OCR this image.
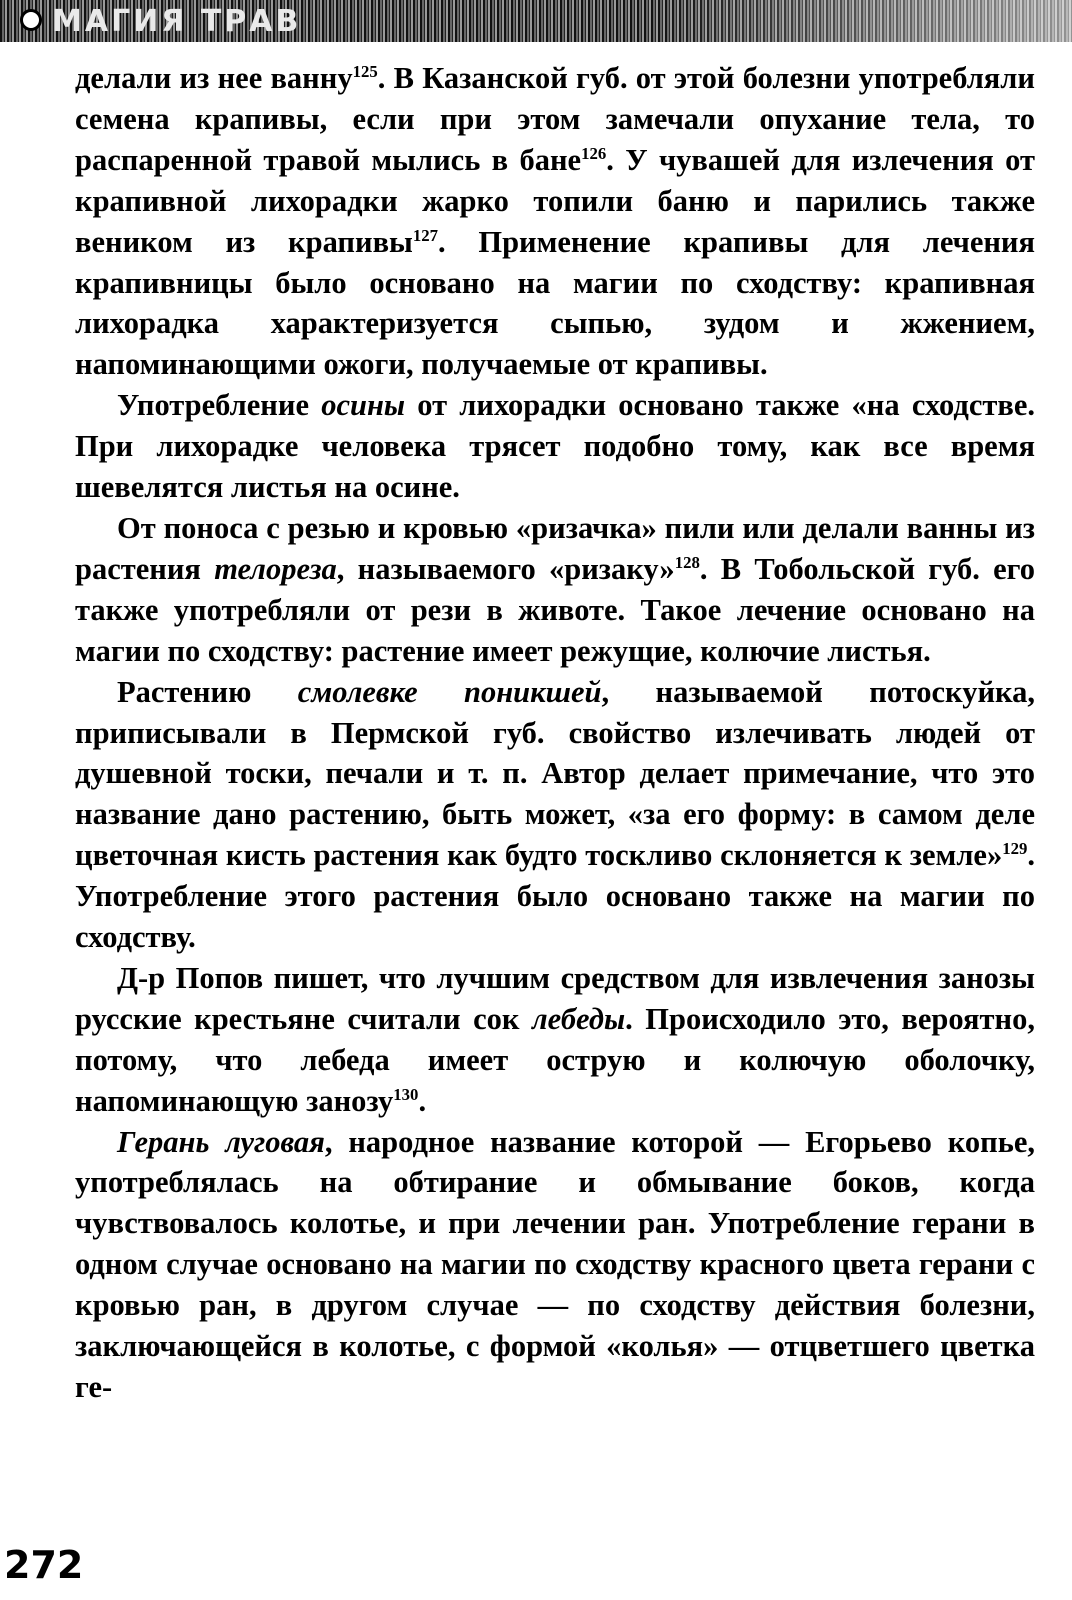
МАГИЯ ТРАВ

делали из нее ванну$^{125}$. В Казанской губ. от этой болезни употребляли семена крапивы, если при этом замечали опухание тела, то распаренной травой мылись в бане$^{126}$. У чувашей для излечения от крапивной лихорадки жарко топили баню и парились также веником из крапивы$^{127}$. Применение крапивы для лечения крапивницы было основано на магии по сходству: крапивная лихорадка характеризуется сыпью, зудом и жжением, напоминающими ожоги, получаемые от крапивы.

Употребление осины от лихорадки основано также «на сходстве. При лихорадке человека трясет подобно тому, как все время шевелятся листья на осине.

От поноса с резью и кровью «ризачка» пили или делали ванны из растения телореза, называемого «ризаку»$^{128}$. В Тобольской губ. его также употребляли от рези в животе. Такое лечение основано на магии по сходству: растение имеет режущие, колючие листья.

Растению смолевке поникшей, называемой потоскуйка, приписывали в Пермской губ. свойство излечивать людей от душевной тоски, печали и т. п. Автор делает примечание, что это название дано растению, быть может, «за его форму: в самом деле цветочная кисть растения как будто тоскливо склоняется к земле»$^{129}$. Употребление этого растения было основано также на магии по сходству.

Д-р Попов пишет, что лучшим средством для извлечения занозы русские крестьяне считали сок лебеды. Происходило это, вероятно, потому, что лебеда имеет острую и колючую оболочку, напоминающую занозу$^{130}$.

Герань луговая, народное название которой — Егорьево копье, употреблялась на обтирание и обмывание боков, когда чувствовалось колотье, и при лечении ран. Употребление герани в одном случае основано на магии по сходству красного цвета герани с кровью ран, в другом случае — по сходству действия болезни, заключающейся в колотье, с формой «колья» — отцветшего цветка ге-

272
